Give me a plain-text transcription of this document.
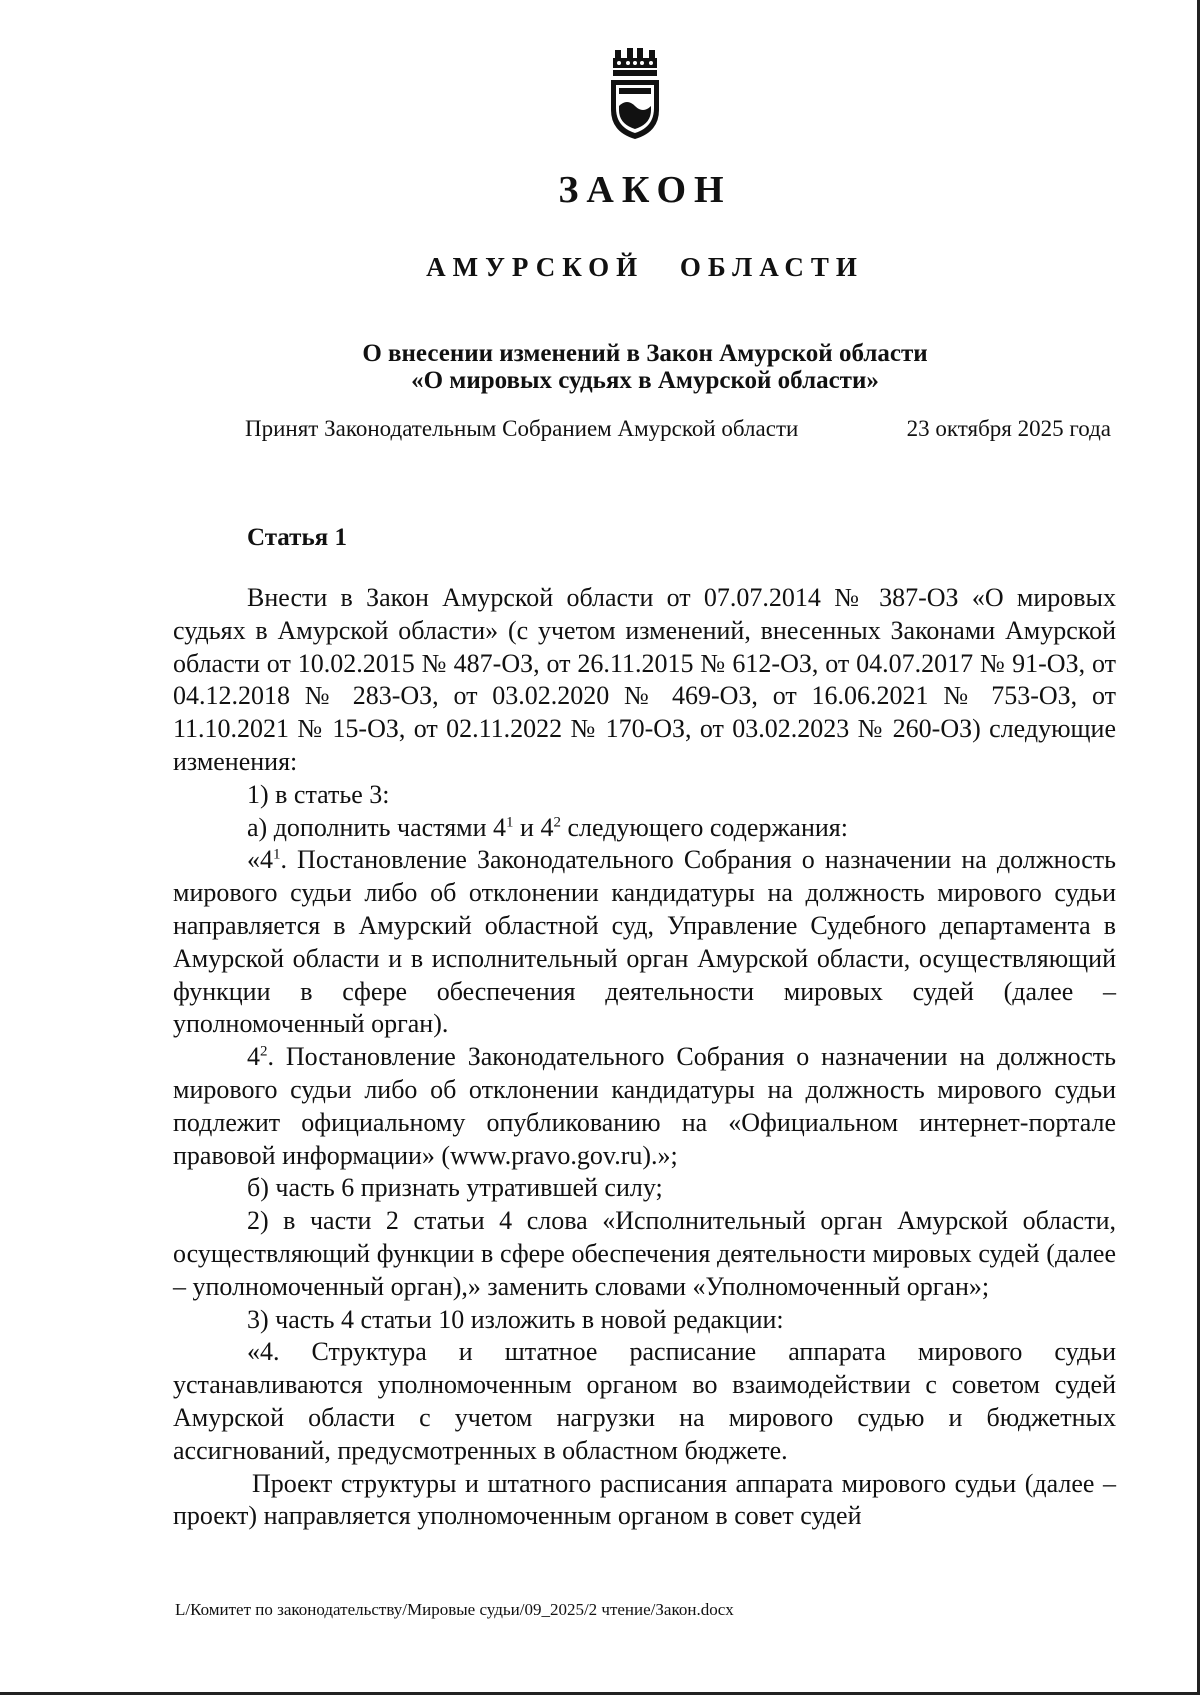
ЗАКОН
АМУРСКОЙ ОБЛАСТИ
О внесении изменений в Закон Амурской области
«О мировых судьях в Амурской области»
Принят Законодательным Собранием Амурской области	23 октября 2025 года
Статья 1

Внести в Закон Амурской области от 07.07.2014 № 387-ОЗ «О мировых судьях в Амурской области» (с учетом изменений, внесенных Законами Амурской области от 10.02.2015 № 487-ОЗ, от 26.11.2015 № 612-ОЗ, от 04.07.2017 № 91-ОЗ, от 04.12.2018 № 283-ОЗ, от 03.02.2020 № 469-ОЗ, от 16.06.2021 № 753-ОЗ, от 11.10.2021 № 15-ОЗ, от 02.11.2022 № 170-ОЗ, от 03.02.2023 № 260-ОЗ) следующие изменения:

1) в статье 3:

а) дополнить частями $4^1$ и $4^2$ следующего содержания:

«$4^1$. Постановление Законодательного Собрания о назначении на должность мирового судьи либо об отклонении кандидатуры на должность мирового судьи направляется в Амурский областной суд, Управление Судебного департамента в Амурской области и в исполнительный орган Амурской области, осуществляющий функции в сфере обеспечения деятельности мировых судей (далее – уполномоченный орган).

$4^2$. Постановление Законодательного Собрания о назначении на должность мирового судьи либо об отклонении кандидатуры на должность мирового судьи подлежит официальному опубликованию на «Официальном интернет-портале правовой информации» (www.pravo.gov.ru).»;

б) часть 6 признать утратившей силу;

2) в части 2 статьи 4 слова «Исполнительный орган Амурской области, осуществляющий функции в сфере обеспечения деятельности мировых судей (далее – уполномоченный орган),» заменить словами «Уполномоченный орган»;

3) часть 4 статьи 10 изложить в новой редакции:

«4. Структура и штатное расписание аппарата мирового судьи устанавливаются уполномоченным органом во взаимодействии с советом судей Амурской области с учетом нагрузки на мирового судью и бюджетных ассигнований, предусмотренных в областном бюджете.

Проект структуры и штатного расписания аппарата мирового судьи (далее – проект) направляется уполномоченным органом в совет судей

L/Комитет по законодательству/Мировые судьи/09_2025/2 чтение/Закон.docx
